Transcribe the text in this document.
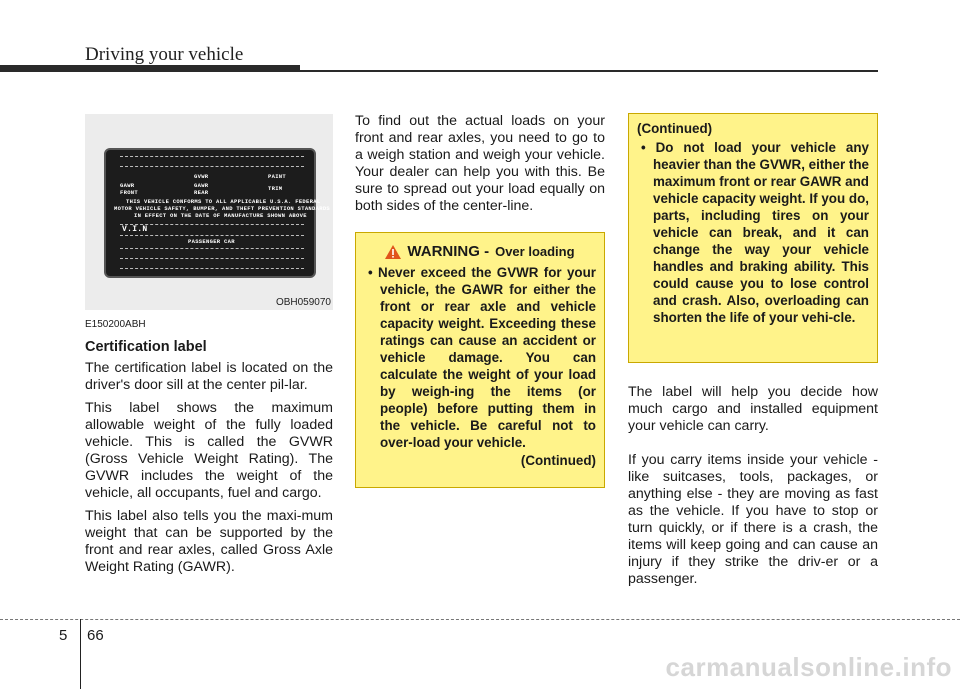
Driving your vehicle
GVWR	PAINT
GAWR	GAWR	TRIM
FRONT	REAR
THIS VEHICLE CONFORMS TO ALL APPLICABLE U.S.A. FEDERAL
MOTOR VEHICLE SAFETY, BUMPER, AND THEFT PREVENTION STANDARDS
IN EFFECT ON THE DATE OF MANUFACTURE SHOWN ABOVE
V.I.N
PASSENGER CAR
OBH059070
E150200ABH
Certification label

The certification label is located on the driver's door sill at the center pil-lar.

This label shows the maximum allowable weight of the fully loaded vehicle. This is called the GVWR (Gross Vehicle Weight Rating). The GVWR includes the weight of the vehicle, all occupants, fuel and cargo.

This label also tells you the maxi-mum weight that can be supported by the front and rear axles, called Gross Axle Weight Rating (GAWR).

To find out the actual loads on your front and rear axles, you need to go to a weigh station and weigh your vehicle. Your dealer can help you with this. Be sure to spread out your load equally on both sides of the center-line.

WARNING - Over loading
• Never exceed the GVWR for your vehicle, the GAWR for either the front or rear axle and vehicle capacity weight. Exceeding these ratings can cause an accident or vehicle damage. You can calculate the weight of your load by weigh-ing the items (or people) before putting them in the vehicle. Be careful not to over-load your vehicle.
(Continued)
(Continued)
• Do not load your vehicle any heavier than the GVWR, either the maximum front or rear GAWR and vehicle capacity weight. If you do, parts, including tires on your vehicle can break, and it can change the way your vehicle handles and braking ability. This could cause you to lose control and crash. Also, overloading can shorten the life of your vehi-cle.

The label will help you decide how much cargo and installed equipment your vehicle can carry.

If you carry items inside your vehicle - like suitcases, tools, packages, or anything else - they are moving as fast as the vehicle. If you have to stop or turn quickly, or if there is a crash, the items will keep going and can cause an injury if they strike the driv-er or a passenger.

5 66
carmanualsonline.info
